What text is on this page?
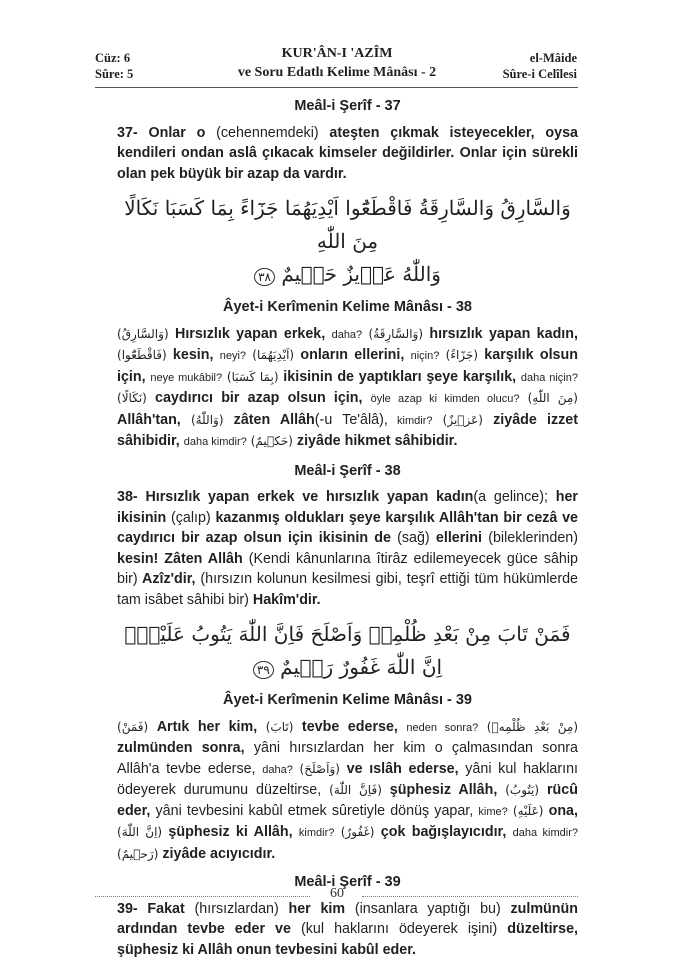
Cüz: 6
Sûre: 5
KUR'ÂN-I 'AZÎM
ve Soru Edatlı Kelime Mânâsı - 2
el-Mâide
Sûre-i Celîlesi
Meâl-i Şerîf - 37
37- Onlar o (cehennemdeki) ateşten çıkmak isteyecekler, oysa kendileri ondan aslâ çıkacak kimseler değildirler. Onlar için sürekli olan pek büyük bir azap da vardır.
وَالسَّارِقُ وَالسَّارِقَةُ فَاقْطَعُٓوا اَيْدِيَهُمَا جَزَٓاءً بِمَا كَسَبَا نَكَالًا مِنَ اللّٰهِ
وَاللّٰهُ عَز۪يزٌ حَك۪يمٌ ٣٨
Âyet-i Kerîmenin Kelime Mânâsı - 38
(وَالسَّارِقُ) Hırsızlık yapan erkek, daha? (وَالسَّارِقَةُ) hırsızlık yapan kadın, (فَاقْطَعُٓوا) kesin, neyi? (اَيْدِيَهُمَا) onların ellerini, niçin? (جَزَٓاءً) karşılık olsun için, neye mukâbil? (بِمَا كَسَبَا) ikisinin de yaptıkları şeye karşılık, daha niçin? (نَكَالًا) caydırıcı bir azap olsun için, öyle azap ki kimden olucu? (مِنَ اللّٰهِ) Allâh'tan, (وَاللّٰهُ) zâten Allâh(-u Te'âlâ), kimdir? (عَز۪يزٌ) ziyâde izzet sâhibidir, daha kimdir? (حَك۪يمٌ) ziyâde hikmet sâhibidir.
Meâl-i Şerîf - 38
38- Hırsızlık yapan erkek ve hırsızlık yapan kadın(a gelince); her ikisinin (çalıp) kazanmış oldukları şeye karşılık Allâh'tan bir cezâ ve caydırıcı bir azap olsun için ikisinin de (sağ) ellerini (bileklerinden) kesin! Zâten Allâh (Kendi kânunlarına îtirâz edilemeyecek güce sâhip bir) Azîz'dir, (hırsızın kolunun kesilmesi gibi, teşrî ettiği tüm hükümlerde tam isâbet sâhibi bir) Hakîm'dir.
فَمَنْ تَابَ مِنْ بَعْدِ ظُلْمِه۪ وَاَصْلَحَ فَاِنَّ اللّٰهَ يَتُوبُ عَلَيْهِۜ اِنَّ اللّٰهَ غَفُورٌ رَح۪يمٌ ٣٩
Âyet-i Kerîmenin Kelime Mânâsı - 39
(فَمَنْ) Artık her kim, (تَابَ) tevbe ederse, neden sonra? (مِنْ بَعْدِ ظُلْمِه۪) zulmünden sonra, yâni hırsızlardan her kim o çalmasından sonra Allâh'a tevbe ederse, daha? (وَاَصْلَحَ) ve ıslâh ederse, yâni kul haklarını ödeyerek durumunu düzeltirse, (فَاِنَّ اللّٰهَ) şüphesiz Allâh, (يَتُوبُ) rücû eder, yâni tevbesini kabûl etmek sûretiyle dönüş yapar, kime? (عَلَيْهِ) ona, (اِنَّ اللّٰهَ) şüphesiz ki Allâh, kimdir? (غَفُورٌ) çok bağışlayıcıdır, daha kimdir? (رَح۪يمٌ) ziyâde acıyıcıdır.
Meâl-i Şerîf - 39
39- Fakat (hırsızlardan) her kim (insanlara yaptığı bu) zulmünün ardından tevbe eder ve (kul haklarını ödeyerek işini) düzeltirse, şüphesiz ki Allâh onun tevbesini kabûl eder.
60
